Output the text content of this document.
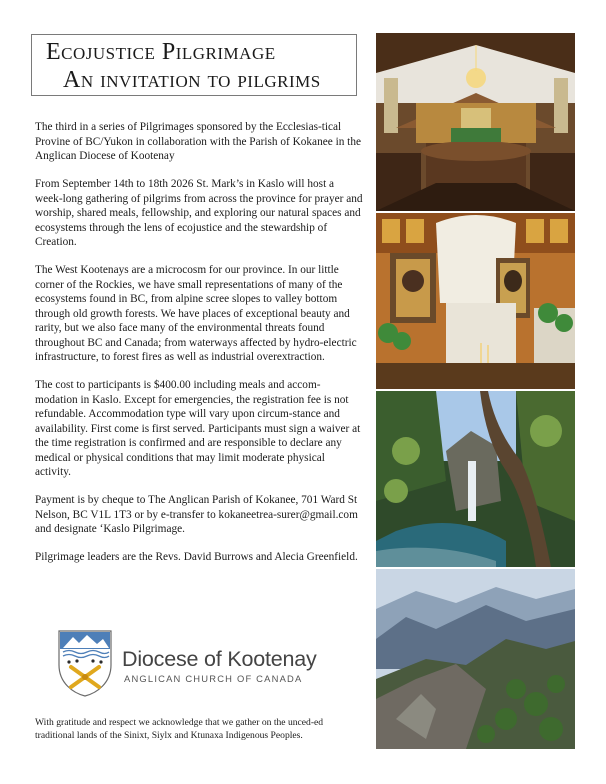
Ecojustice Pilgrimage
An invitation to pilgrims

The third in a series of Pilgrimages sponsored by the Ecclesias-tical Provine of BC/Yukon in collaboration with the Parish of Kokanee in the Anglican Diocese of Kootenay

From September 14th to 18th 2026 St. Mark’s in Kaslo will host a week-long gathering of pilgrims from across the province for prayer and worship, shared meals, fellowship, and exploring our natural spaces and ecosystems through the lens of ecojustice and the stewardship of Creation.

The West Kootenays are a microcosm for our province. In our little corner of the Rockies, we have small representations of many of the ecosystems found in BC, from alpine scree slopes to valley bottom through old growth forests. We have places of exceptional beauty and rarity, but we also face many of the environmental threats found throughout BC and Canada; from waterways affected by hydro-electric infrastructure, to forest fires as well as industrial overextraction.

The cost to participants is $400.00 including meals and accom-modation in Kaslo. Except for emergencies, the registration fee is not refundable. Accommodation type will vary upon circum-stance and availability. First come is first served. Participants must sign a waiver at the time registration is confirmed and are responsible to declare any medical or physical conditions that may limit moderate physical activity.

Payment is by cheque to The Anglican Parish of Kokanee, 701 Ward St Nelson, BC V1L 1T3 or by e-transfer to kokaneetrea-surer@gmail.com and designate ‘Kaslo Pilgrimage.

Pilgrimage leaders are the Revs. David Burrows and Alecia Greenfield.

Diocese of Kootenay
ANGLICAN CHURCH OF CANADA
With gratitude and respect we acknowledge that we gather on the unced-ed traditional lands of the Sinixt, Siylx and Ktunaxa Indigenous Peoples.
